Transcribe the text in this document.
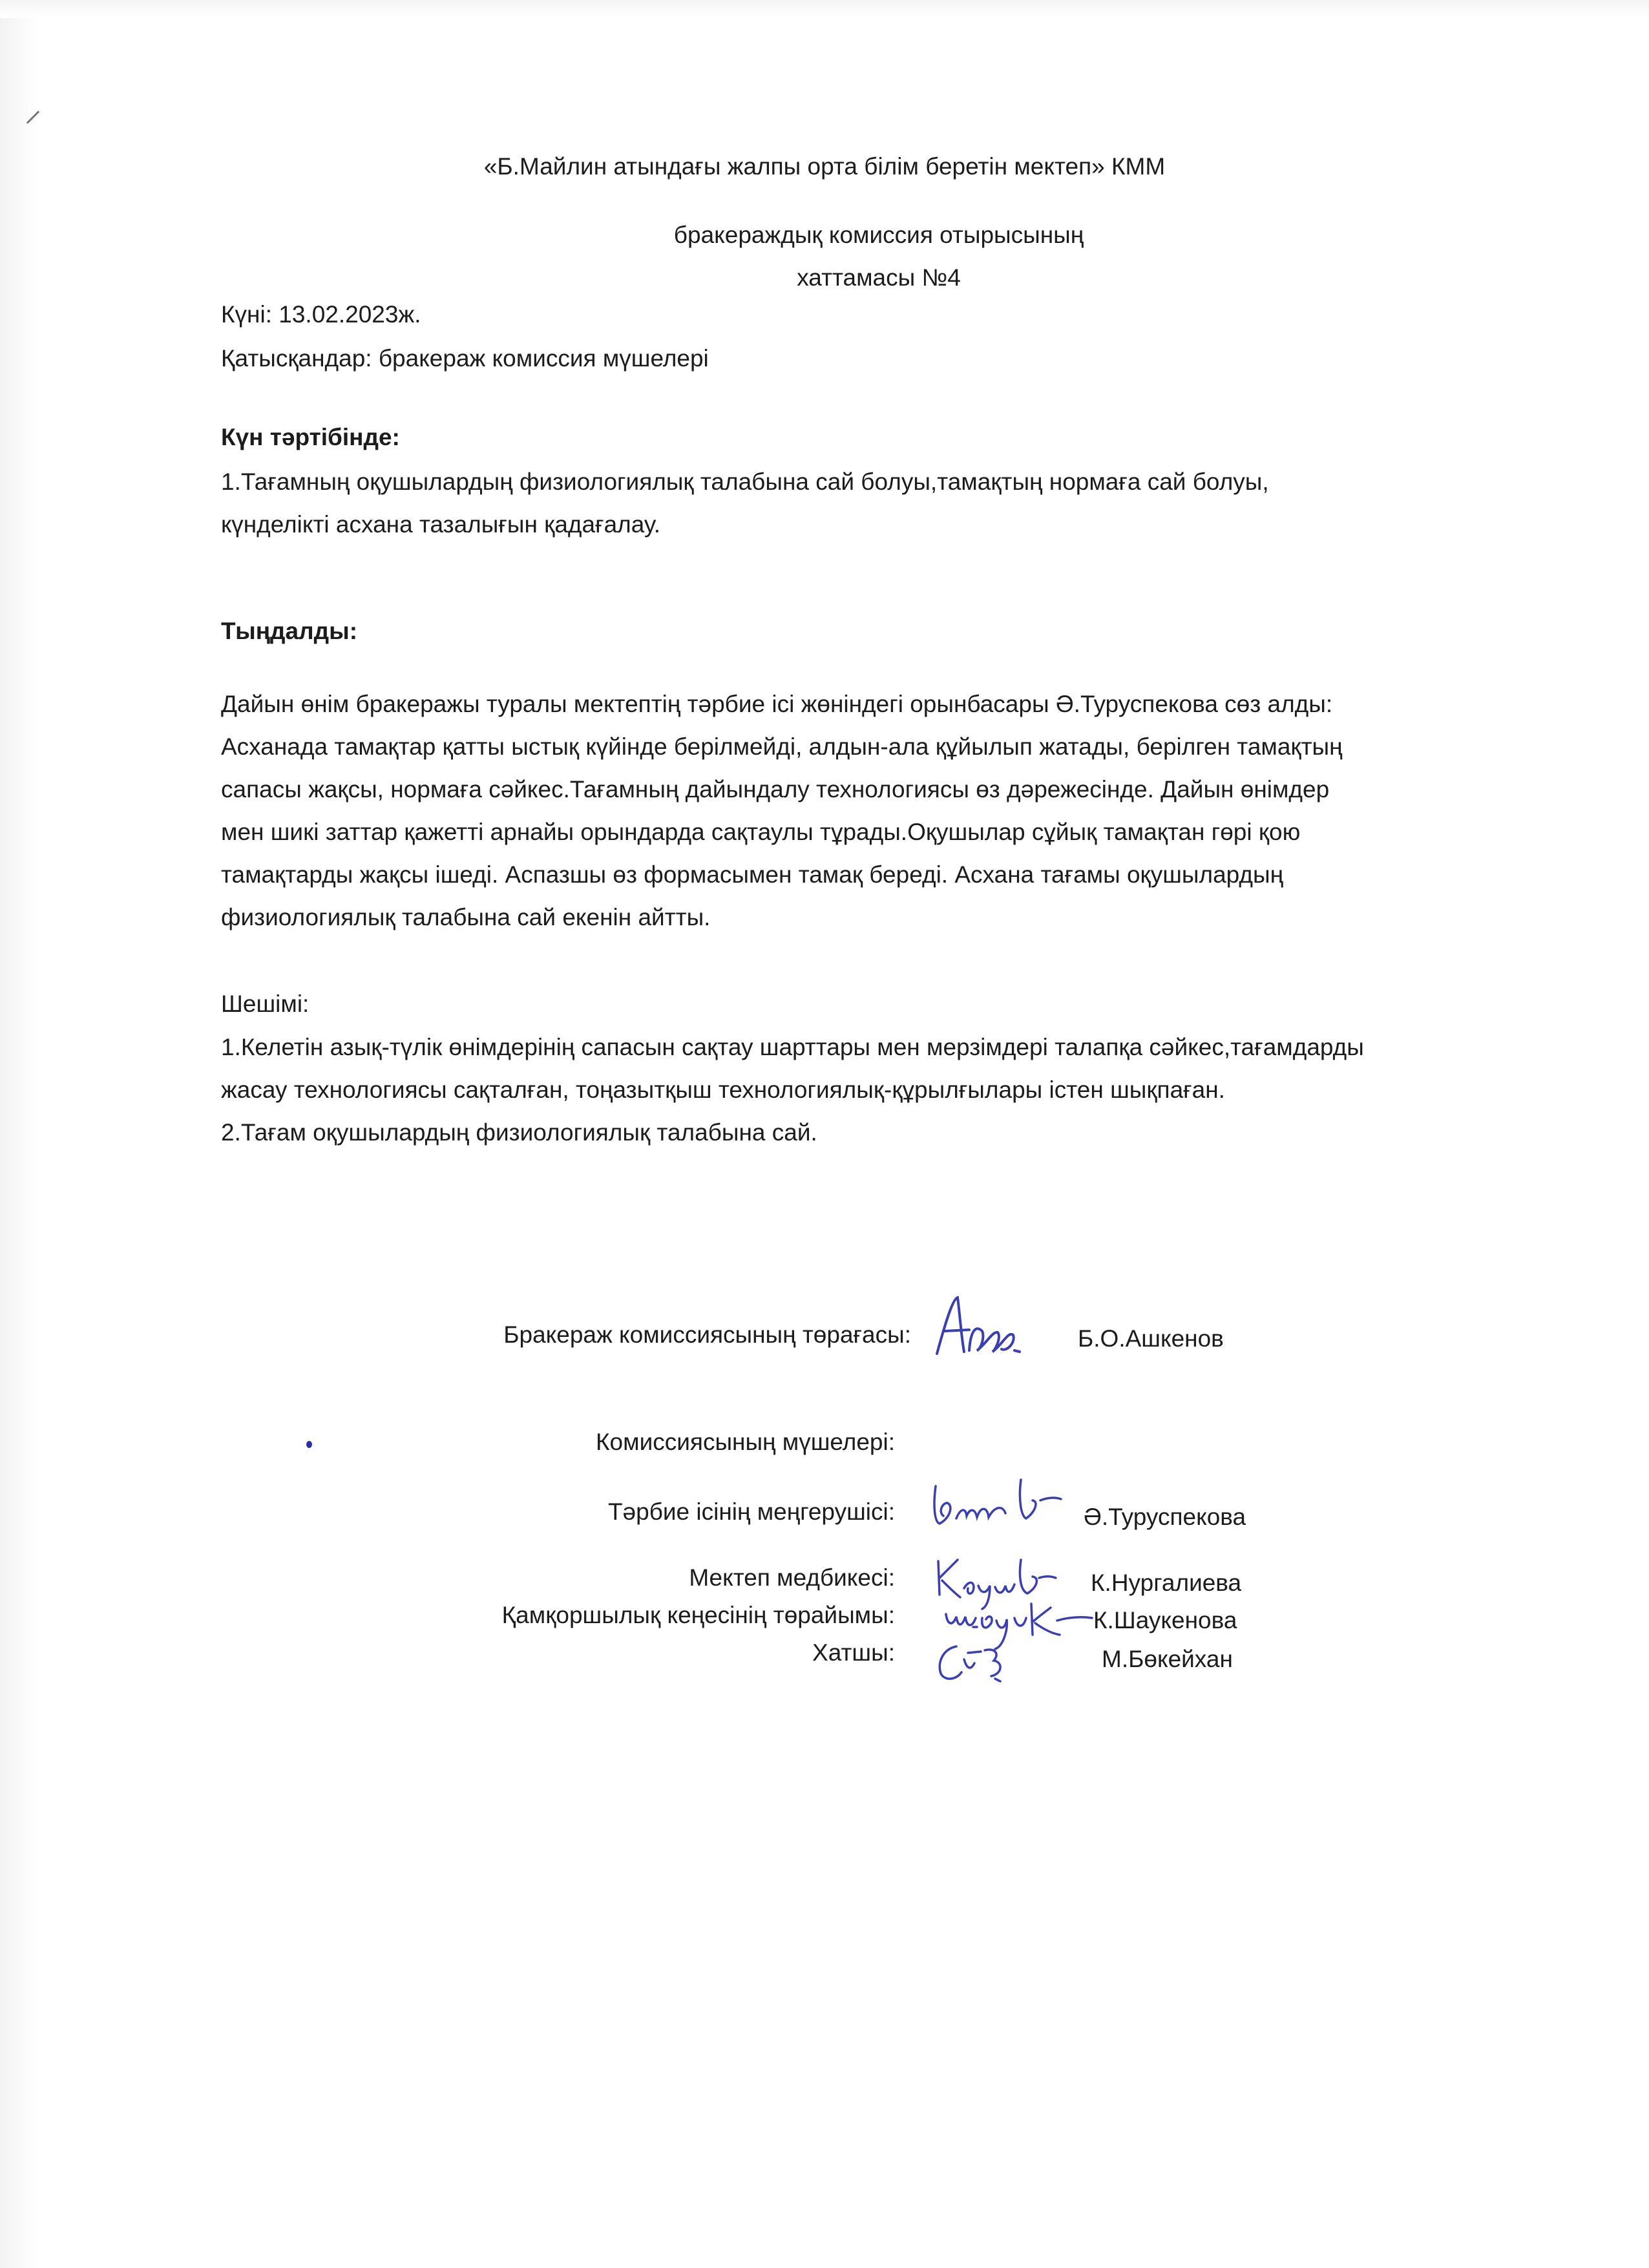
«Б.Майлин атындағы жалпы орта білім беретін мектеп» КММ
бракераждық комиссия отырысының
хаттамасы №4
Күні: 13.02.2023ж.
Қатысқандар: бракераж комиссия мүшелері
Күн тәртібінде:
1.Тағамның оқушылардың физиологиялық талабына сай болуы,тамақтың нормаға сай болуы,
күнделікті асхана тазалығын қадағалау.
Тыңдалды:
Дайын өнім бракеражы туралы мектептің тәрбие ісі жөніндегі орынбасары Ә.Туруспекова сөз алды:
Асханада тамақтар қатты ыстық күйінде берілмейді, алдын-ала құйылып жатады, берілген тамақтың
сапасы жақсы, нормаға сәйкес.Тағамның дайындалу технологиясы өз дәрежесінде. Дайын өнімдер
мен шикі заттар қажетті арнайы орындарда сақтаулы тұрады.Оқушылар сұйық тамақтан гөрі қою
тамақтарды жақсы ішеді. Аспазшы өз формасымен тамақ береді. Асхана тағамы оқушылардың
физиологиялық талабына сай екенін айтты.
Шешімі:
1.Келетін азық-түлік өнімдерінің сапасын сақтау шарттары мен мерзімдері талапқа сәйкес,тағамдарды
жасау технологиясы сақталған, тоңазытқыш технологиялық-құрылғылары істен шықпаған.
2.Тағам оқушылардың физиологиялық талабына сай.
Бракераж комиссиясының төрағасы:	Б.О.Ашкенов
Комиссиясының мүшелері:
Тәрбие ісінің меңгерушісі:	Ә.Туруспекова
Мектеп медбикесі:	К.Нургалиева
Қамқоршылық кеңесінің төрайымы:	К.Шаукенова
Хатшы:	М.Бөкейхан
